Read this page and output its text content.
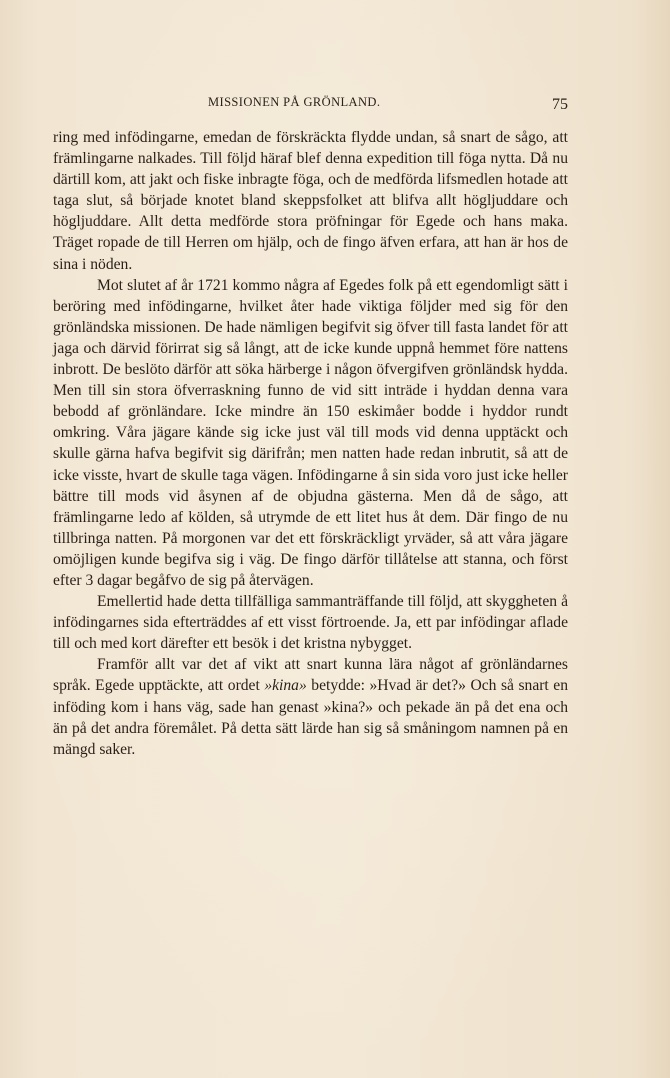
MISSIONEN PÅ GRÖNLAND.	75

ring med infödingarne, emedan de förskräckta flydde undan, så snart de sågo, att främlingarne nalkades. Till följd häraf blef denna expedition till föga nytta. Då nu därtill kom, att jakt och fiske inbragte föga, och de medförda lifsmedlen hotade att taga slut, så började knotet bland skeppsfolket att blifva allt högljuddare och högljuddare. Allt detta medförde stora pröfningar för Egede och hans maka. Träget ropade de till Herren om hjälp, och de fingo äfven erfara, att han är hos de sina i nöden.

Mot slutet af år 1721 kommo några af Egedes folk på ett egendomligt sätt i beröring med infödingarne, hvilket åter hade viktiga följder med sig för den grönländska missionen. De hade nämligen begifvit sig öfver till fasta landet för att jaga och därvid förirrat sig så långt, att de icke kunde uppnå hemmet före nattens inbrott. De beslöto därför att söka härberge i någon öfvergifven grönländsk hydda. Men till sin stora öfverraskning funno de vid sitt inträde i hyddan denna vara bebodd af grönländare. Icke mindre än 150 eskimåer bodde i hyddor rundt omkring. Våra jägare kände sig icke just väl till mods vid denna upptäckt och skulle gärna hafva begifvit sig därifrån; men natten hade redan inbrutit, så att de icke visste, hvart de skulle taga vägen. Infödingarne å sin sida voro just icke heller bättre till mods vid åsynen af de objudna gästerna. Men då de sågo, att främlingarne ledo af kölden, så utrymde de ett litet hus åt dem. Där fingo de nu tillbringa natten. På morgonen var det ett förskräckligt yrväder, så att våra jägare omöjligen kunde begifva sig i väg. De fingo därför tillåtelse att stanna, och först efter 3 dagar begåfvo de sig på återvägen.

Emellertid hade detta tillfälliga sammanträffande till följd, att skyggheten å infödingarnes sida efterträddes af ett visst förtroende. Ja, ett par infödingar aflade till och med kort därefter ett besök i det kristna nybygget.

Framför allt var det af vikt att snart kunna lära något af grönländarnes språk. Egede upptäckte, att ordet »kina» betydde: »Hvad är det?» Och så snart en inföding kom i hans väg, sade han genast »kina?» och pekade än på det ena och än på det andra föremålet. På detta sätt lärde han sig så småningom namnen på en mängd saker.
